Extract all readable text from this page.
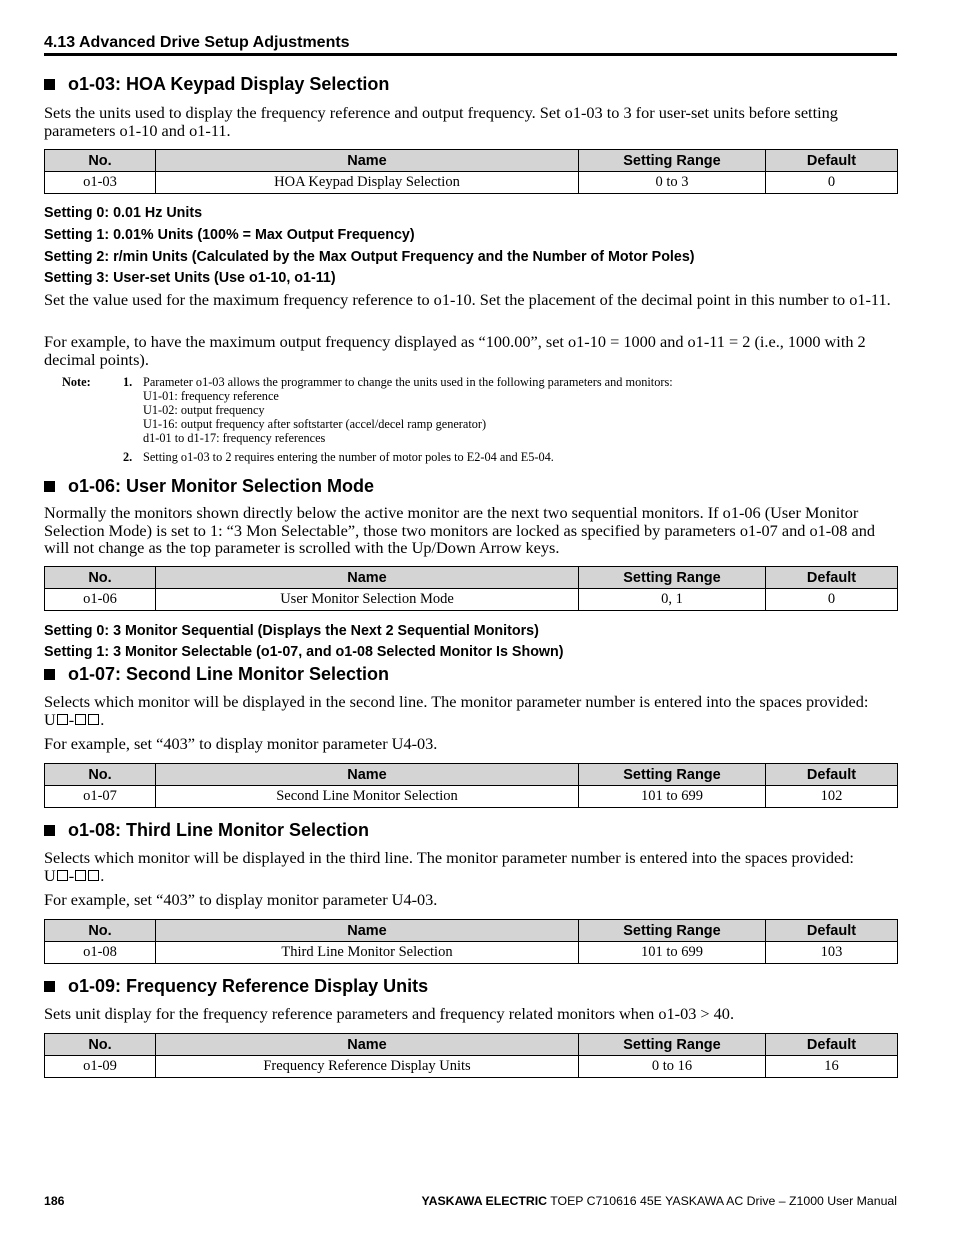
4.13 Advanced Drive Setup Adjustments
o1-03: HOA Keypad Display Selection
Sets the units used to display the frequency reference and output frequency. Set o1-03 to 3 for user-set units before setting parameters o1-10 and o1-11.
No.	Name	Setting Range	Default
o1-03	HOA Keypad Display Selection	0 to 3	0
Setting 0: 0.01 Hz Units
Setting 1: 0.01% Units (100% = Max Output Frequency)
Setting 2: r/min Units (Calculated by the Max Output Frequency and the Number of Motor Poles)
Setting 3: User-set Units (Use o1-10, o1-11)
Set the value used for the maximum frequency reference to o1-10. Set the placement of the decimal point in this number to o1-11.
For example, to have the maximum output frequency displayed as “100.00”, set o1-10 = 1000 and o1-11 = 2 (i.e., 1000 with 2 decimal points).
Note:	1. Parameter o1-03 allows the programmer to change the units used in the following parameters and monitors:
U1-01: frequency reference
U1-02: output frequency
U1-16: output frequency after softstarter (accel/decel ramp generator)
d1-01 to d1-17: frequency references
2. Setting o1-03 to 2 requires entering the number of motor poles to E2-04 and E5-04.
o1-06: User Monitor Selection Mode
Normally the monitors shown directly below the active monitor are the next two sequential monitors. If o1-06 (User Monitor Selection Mode) is set to 1: “3 Mon Selectable”, those two monitors are locked as specified by parameters o1-07 and o1-08 and will not change as the top parameter is scrolled with the Up/Down Arrow keys.
No.	Name	Setting Range	Default
o1-06	User Monitor Selection Mode	0, 1	0
Setting 0: 3 Monitor Sequential (Displays the Next 2 Sequential Monitors)
Setting 1: 3 Monitor Selectable (o1-07, and o1-08 Selected Monitor Is Shown)
o1-07: Second Line Monitor Selection
Selects which monitor will be displayed in the second line. The monitor parameter number is entered into the spaces provided:
U - .
For example, set “403” to display monitor parameter U4-03.
No.	Name	Setting Range	Default
o1-07	Second Line Monitor Selection	101 to 699	102
o1-08: Third Line Monitor Selection
Selects which monitor will be displayed in the third line. The monitor parameter number is entered into the spaces provided:
U - .
For example, set “403” to display monitor parameter U4-03.
No.	Name	Setting Range	Default
o1-08	Third Line Monitor Selection	101 to 699	103
o1-09: Frequency Reference Display Units
Sets unit display for the frequency reference parameters and frequency related monitors when o1-03 > 40.
No.	Name	Setting Range	Default
o1-09	Frequency Reference Display Units	0 to 16	16
186	YASKAWA ELECTRIC TOEP C710616 45E YASKAWA AC Drive – Z1000 User Manual
